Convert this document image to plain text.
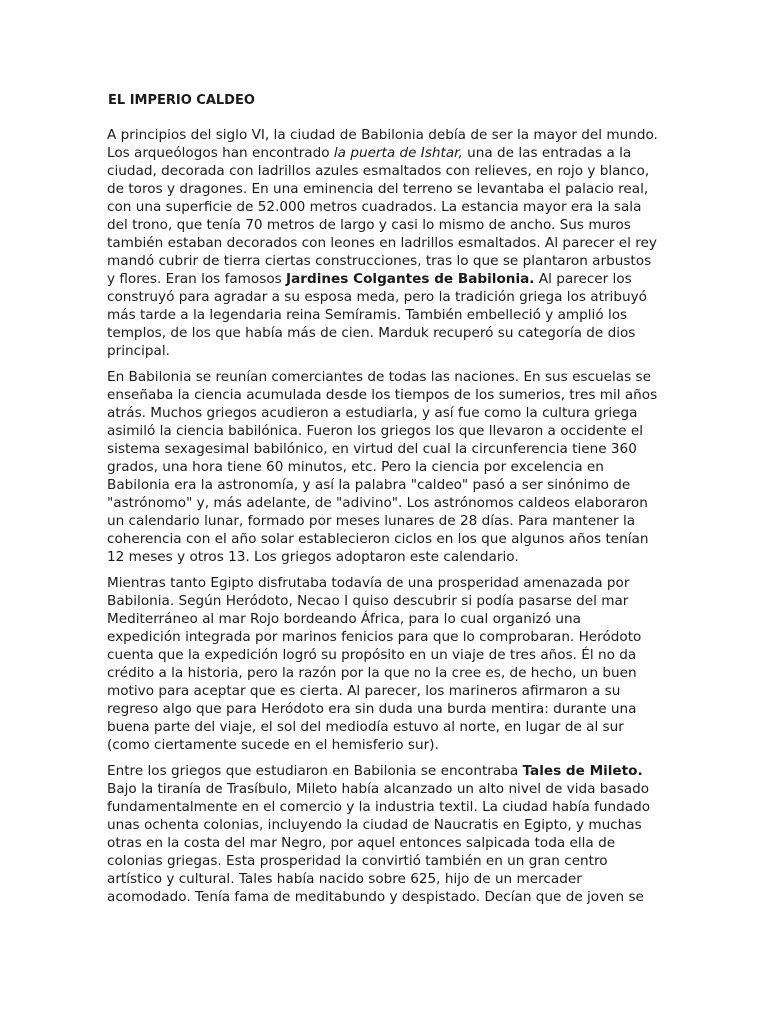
EL IMPERIO CALDEO

A principios del siglo VI, la ciudad de Babilonia debía de ser la mayor del mundo. Los arqueólogos han encontrado la puerta de Ishtar, una de las entradas a la ciudad, decorada con ladrillos azules esmaltados con relieves, en rojo y blanco, de toros y dragones. En una eminencia del terreno se levantaba el palacio real, con una superficie de 52.000 metros cuadrados. La estancia mayor era la sala del trono, que tenía 70 metros de largo y casi lo mismo de ancho. Sus muros también estaban decorados con leones en ladrillos esmaltados. Al parecer el rey mandó cubrir de tierra ciertas construcciones, tras lo que se plantaron arbustos y flores. Eran los famosos Jardines Colgantes de Babilonia. Al parecer los construyó para agradar a su esposa meda, pero la tradición griega los atribuyó más tarde a la legendaria reina Semíramis. También embelleció y amplió los templos, de los que había más de cien. Marduk recuperó su categoría de dios principal.

En Babilonia se reunían comerciantes de todas las naciones. En sus escuelas se enseñaba la ciencia acumulada desde los tiempos de los sumerios, tres mil años atrás. Muchos griegos acudieron a estudiarla, y así fue como la cultura griega asimiló la ciencia babilónica. Fueron los griegos los que llevaron a occidente el sistema sexagesimal babilónico, en virtud del cual la circunferencia tiene 360 grados, una hora tiene 60 minutos, etc. Pero la ciencia por excelencia en Babilonia era la astronomía, y así la palabra "caldeo" pasó a ser sinónimo de "astrónomo" y, más adelante, de "adivino". Los astrónomos caldeos elaboraron un calendario lunar, formado por meses lunares de 28 días. Para mantener la coherencia con el año solar establecieron ciclos en los que algunos años tenían 12 meses y otros 13. Los griegos adoptaron este calendario.

Mientras tanto Egipto disfrutaba todavía de una prosperidad amenazada por Babilonia. Según Heródoto, Necao I quiso descubrir si podía pasarse del mar Mediterráneo al mar Rojo bordeando África, para lo cual organizó una expedición integrada por marinos fenicios para que lo comprobaran. Heródoto cuenta que la expedición logró su propósito en un viaje de tres años. Él no da crédito a la historia, pero la razón por la que no la cree es, de hecho, un buen motivo para aceptar que es cierta. Al parecer, los marineros afirmaron a su regreso algo que para Heródoto era sin duda una burda mentira: durante una buena parte del viaje, el sol del mediodía estuvo al norte, en lugar de al sur (como ciertamente sucede en el hemisferio sur).

Entre los griegos que estudiaron en Babilonia se encontraba Tales de Mileto. Bajo la tiranía de Trasíbulo, Mileto había alcanzado un alto nivel de vida basado fundamentalmente en el comercio y la industria textil. La ciudad había fundado unas ochenta colonias, incluyendo la ciudad de Naucratis en Egipto, y muchas otras en la costa del mar Negro, por aquel entonces salpicada toda ella de colonias griegas. Esta prosperidad la convirtió también en un gran centro artístico y cultural. Tales había nacido sobre 625, hijo de un mercader acomodado. Tenía fama de meditabundo y despistado. Decían que de joven se
